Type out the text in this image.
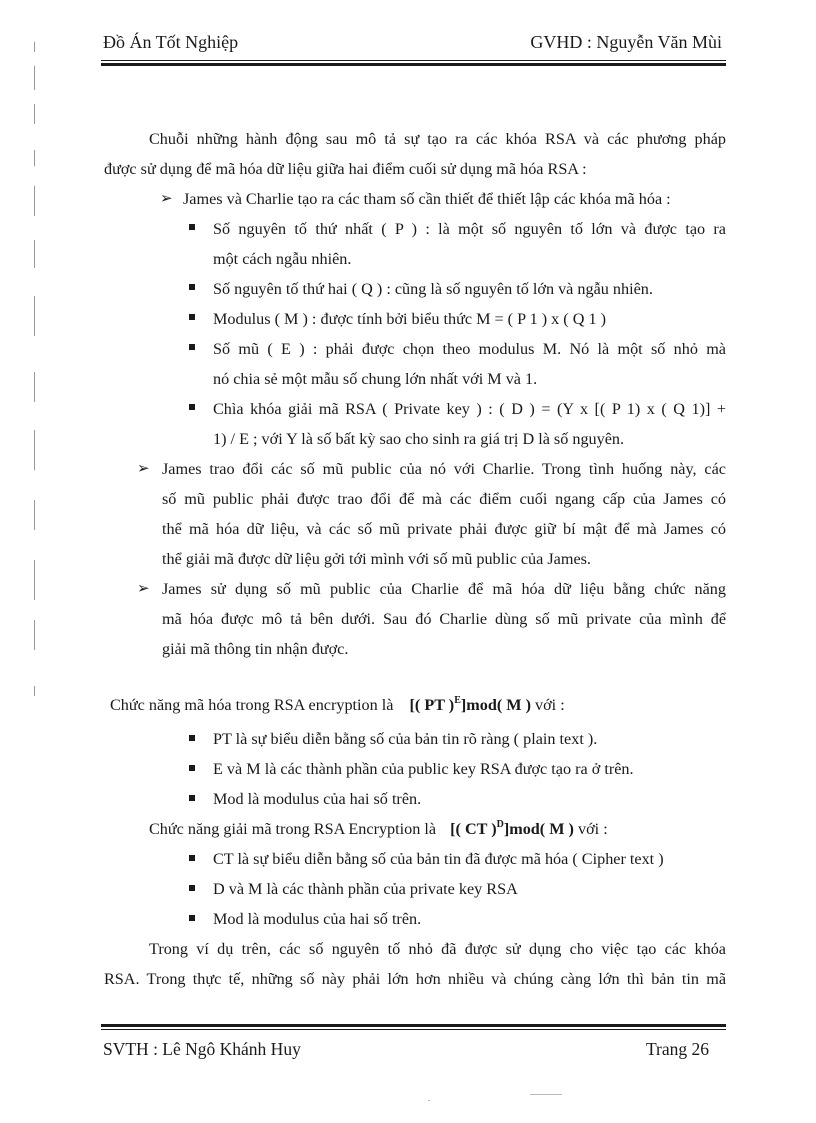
Đồ Án Tốt Nghiệp	GVHD : Nguyễn Văn Mùi
Chuỗi những hành động sau mô tả sự tạo ra các khóa RSA và các phương pháp
được sử dụng để mã hóa dữ liệu giữa hai điểm cuối sử dụng mã hóa RSA :
➢ James và Charlie tạo ra các tham số cần thiết để thiết lập các khóa mã hóa :
Số nguyên tố thứ nhất ( P ) : là một số nguyên tố lớn và được tạo ra
một cách ngẫu nhiên.
Số nguyên tố thứ hai ( Q ) : cũng là số nguyên tố lớn và ngẫu nhiên.
Modulus ( M ) : được tính bởi biểu thức M = ( P 1 ) x ( Q 1 )
Số mũ ( E ) : phải được chọn theo modulus M. Nó là một số nhỏ mà
nó chia sẻ một mẫu số chung lớn nhất với M và 1.
Chìa khóa giải mã RSA ( Private key ) : ( D ) = (Y x [( P 1) x ( Q 1)] +
1) / E ; với Y là số bất kỳ sao cho sinh ra giá trị D là số nguyên.
➢ James trao đổi các số mũ public của nó với Charlie. Trong tình huống này, các
số mũ public phải được trao đổi để mà các điểm cuối ngang cấp của James có
thể mã hóa dữ liệu, và các số mũ private phải được giữ bí mật để mà James có
thể giải mã được dữ liệu gởi tới mình với số mũ public của James.
➢ James sử dụng số mũ public của Charlie để mã hóa dữ liệu bằng chức năng
mã hóa được mô tả bên dưới. Sau đó Charlie dùng số mũ private của mình để
giải mã thông tin nhận được.
Chức năng mã hóa trong RSA encryption là [( PT )$^E$]mod( M ) với :
PT là sự biểu diễn bằng số của bản tin rõ ràng ( plain text ).
E và M là các thành phần của public key RSA được tạo ra ở trên.
Mod là modulus của hai số trên.
Chức năng giải mã trong RSA Encryption là [( CT )$^D$]mod( M ) với :
CT là sự biểu diễn bằng số của bản tin đã được mã hóa ( Cipher text )
D và M là các thành phần của private key RSA
Mod là modulus của hai số trên.
Trong ví dụ trên, các số nguyên tố nhỏ đã được sử dụng cho việc tạo các khóa
RSA. Trong thực tế, những số này phải lớn hơn nhiều và chúng càng lớn thì bản tin mã
SVTH : Lê Ngô Khánh Huy	Trang 26
